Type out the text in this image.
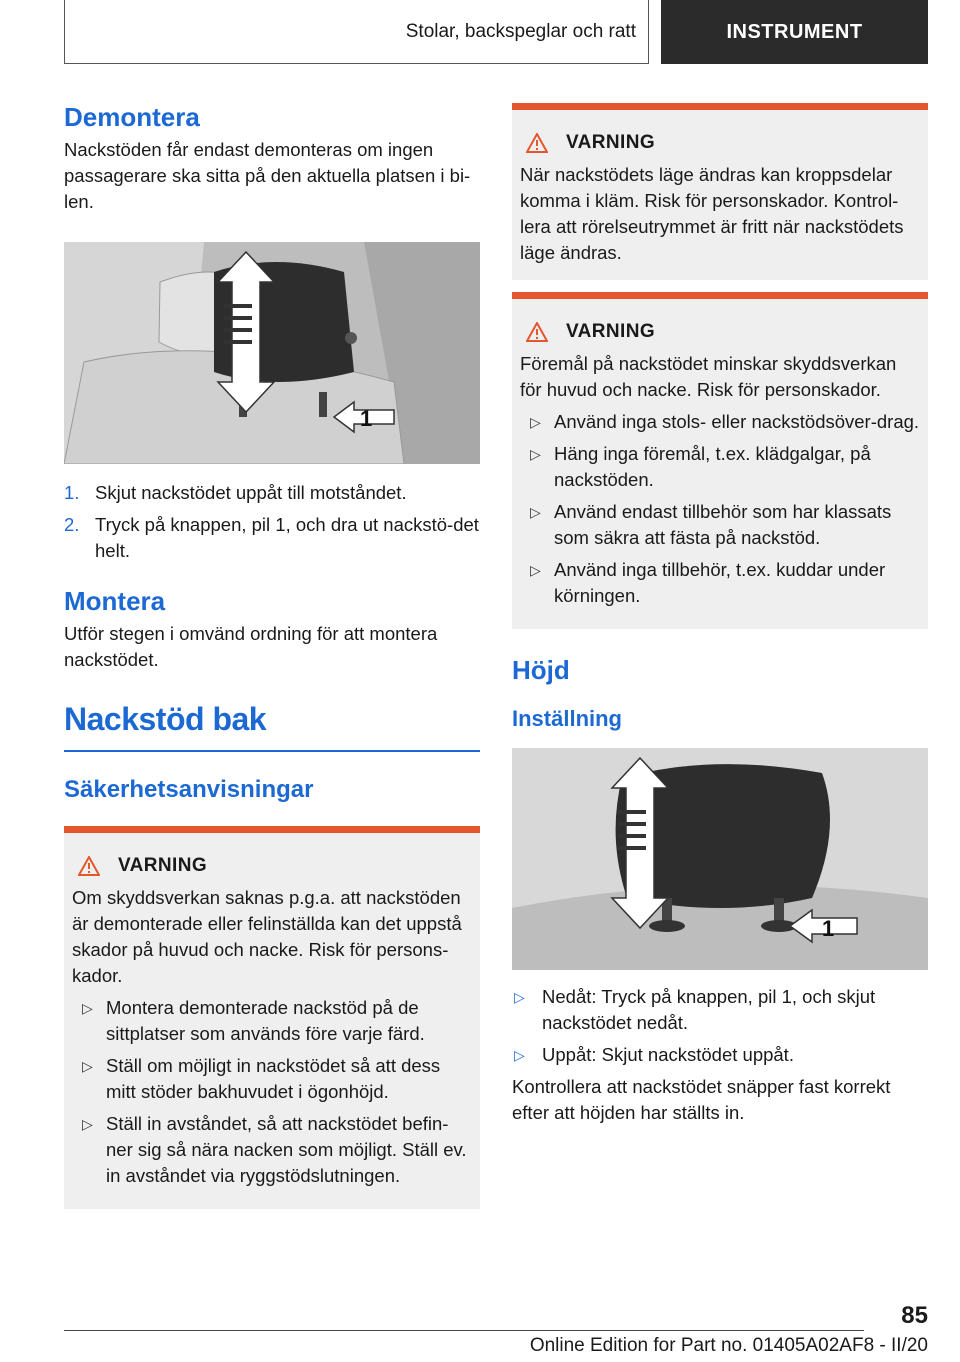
Stolar, backspeglar och ratt	INSTRUMENT
Demontera

Nackstöden får endast demonteras om ingen passagerare ska sitta på den aktuella platsen i bi-len.

1
1. Skjut nackstödet uppåt till motståndet.
2. Tryck på knappen, pil 1, och dra ut nackstö-det helt.
Montera

Utför stegen i omvänd ordning för att montera nackstödet.

Nackstöd bak
Säkerhetsanvisningar
VARNING

Om skyddsverkan saknas p.g.a. att nackstöden är demonterade eller felinställda kan det uppstå skador på huvud och nacke. Risk för persons-kador.

▷ Montera demonterade nackstöd på de sittplatser som används före varje färd.
▷ Ställ om möjligt in nackstödet så att dess mitt stöder bakhuvudet i ögonhöjd.
▷ Ställ in avståndet, så att nackstödet befin-ner sig så nära nacken som möjligt. Ställ ev. in avståndet via ryggstödslutningen.
VARNING

När nackstödets läge ändras kan kroppsdelar komma i kläm. Risk för personskador. Kontrol-lera att rörelseutrymmet är fritt när nackstödets läge ändras.

VARNING

Föremål på nackstödet minskar skyddsverkan för huvud och nacke. Risk för personskador.

▷ Använd inga stols- eller nackstödsöver-drag.
▷ Häng inga föremål, t.ex. klädgalgar, på nackstöden.
▷ Använd endast tillbehör som har klassats som säkra att fästa på nackstöd.
▷ Använd inga tillbehör, t.ex. kuddar under körningen.
Höjd
Inställning
1
▷ Nedåt: Tryck på knappen, pil 1, och skjut nackstödet nedåt.
▷ Uppåt: Skjut nackstödet uppåt.

Kontrollera att nackstödet snäpper fast korrekt efter att höjden har ställts in.

85
Online Edition for Part no. 01405A02AF8 - II/20
